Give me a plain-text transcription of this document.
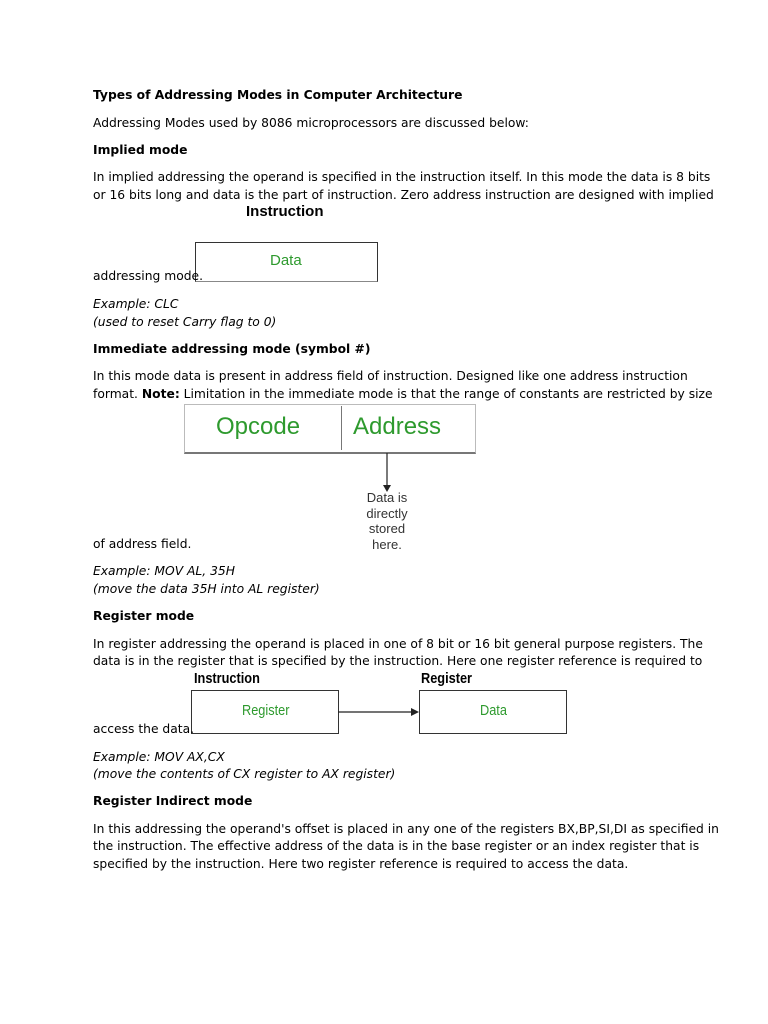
Types of Addressing Modes in Computer Architecture

Addressing Modes used by 8086 microprocessors are discussed below:

Implied mode

In implied addressing the operand is specified in the instruction itself. In this mode the data is 8 bits

or 16 bits long and data is the part of instruction. Zero address instruction are designed with implied

Instruction
Data

addressing mode.

Example: CLC

(used to reset Carry flag to 0)

Immediate addressing mode (symbol #)

In this mode data is present in address field of instruction. Designed like one address instruction

format. Note: Limitation in the immediate mode is that the range of constants are restricted by size

Opcode Address
Data is
directly
stored
here.

of address field.

Example: MOV AL, 35H

(move the data 35H into AL register)

Register mode

In register addressing the operand is placed in one of 8 bit or 16 bit general purpose registers. The

data is in the register that is specified by the instruction. Here one register reference is required to

Instruction	Register
Register	Data

access the data.

Example: MOV AX,CX

(move the contents of CX register to AX register)

Register Indirect mode

In this addressing the operand's offset is placed in any one of the registers BX,BP,SI,DI as specified in

the instruction. The effective address of the data is in the base register or an index register that is

specified by the instruction. Here two register reference is required to access the data.
